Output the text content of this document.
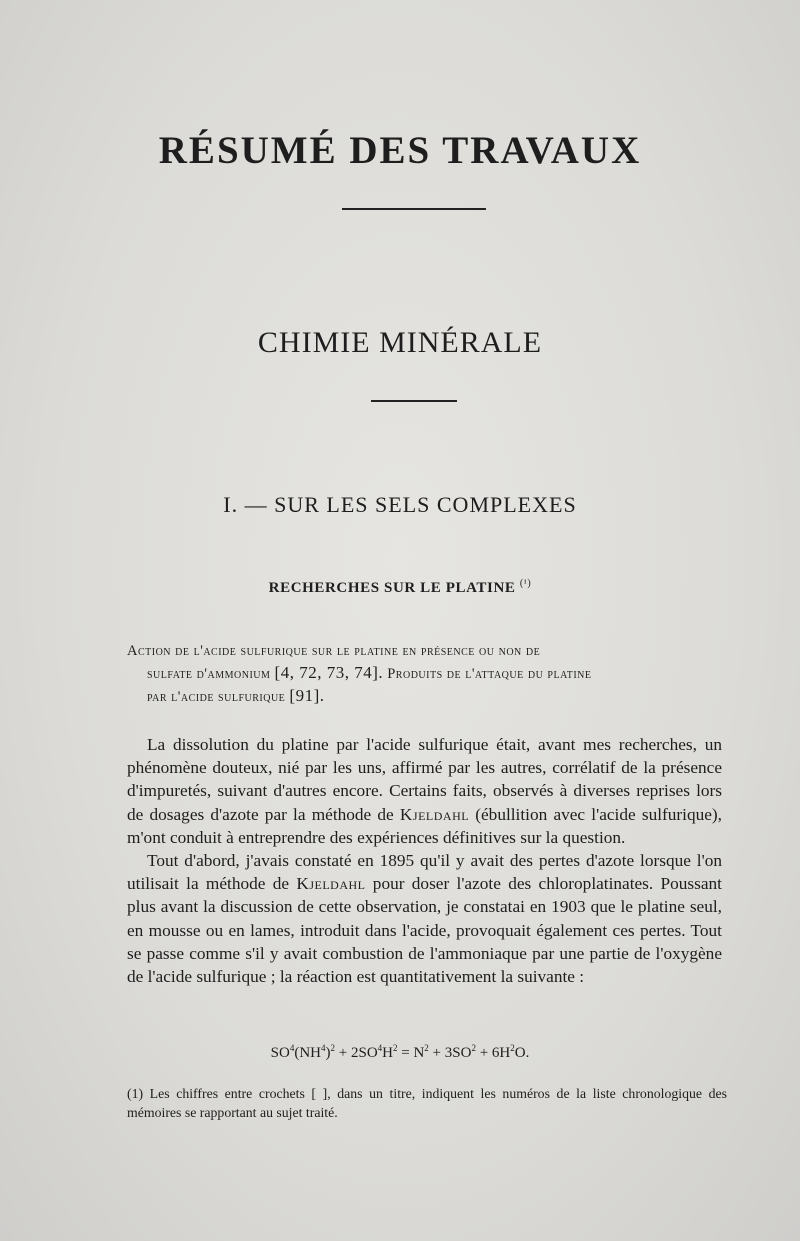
RÉSUMÉ DES TRAVAUX
CHIMIE MINÉRALE
I. — SUR LES SELS COMPLEXES
RECHERCHES SUR LE PLATINE $^{(^1)}$
Action de l'acide sulfurique sur le platine en présence ou non de
sulfate d'ammonium [4, 72, 73, 74]. Produits de l'attaque du platine
par l'acide sulfurique [91].

La dissolution du platine par l'acide sulfurique était, avant mes recherches, un phénomène douteux, nié par les uns, affirmé par les autres, corrélatif de la présence d'impuretés, suivant d'autres encore. Certains faits, observés à diverses reprises lors de dosages d'azote par la méthode de Kjeldahl (ébullition avec l'acide sulfurique), m'ont conduit à entreprendre des expériences définitives sur la question.

Tout d'abord, j'avais constaté en 1895 qu'il y avait des pertes d'azote lorsque l'on utilisait la méthode de Kjeldahl pour doser l'azote des chloroplatinates. Poussant plus avant la discussion de cette observation, je constatai en 1903 que le platine seul, en mousse ou en lames, introduit dans l'acide, provoquait également ces pertes. Tout se passe comme s'il y avait combustion de l'ammoniaque par une partie de l'oxygène de l'acide sulfurique ; la réaction est quantitativement la suivante :

$SO^4(NH^4)^2 + 2SO^4H^2 = N^2 + 3SO^2 + 6H^2O$.
(1) Les chiffres entre crochets [ ], dans un titre, indiquent les numéros de la liste chronologique des mémoires se rapportant au sujet traité.
